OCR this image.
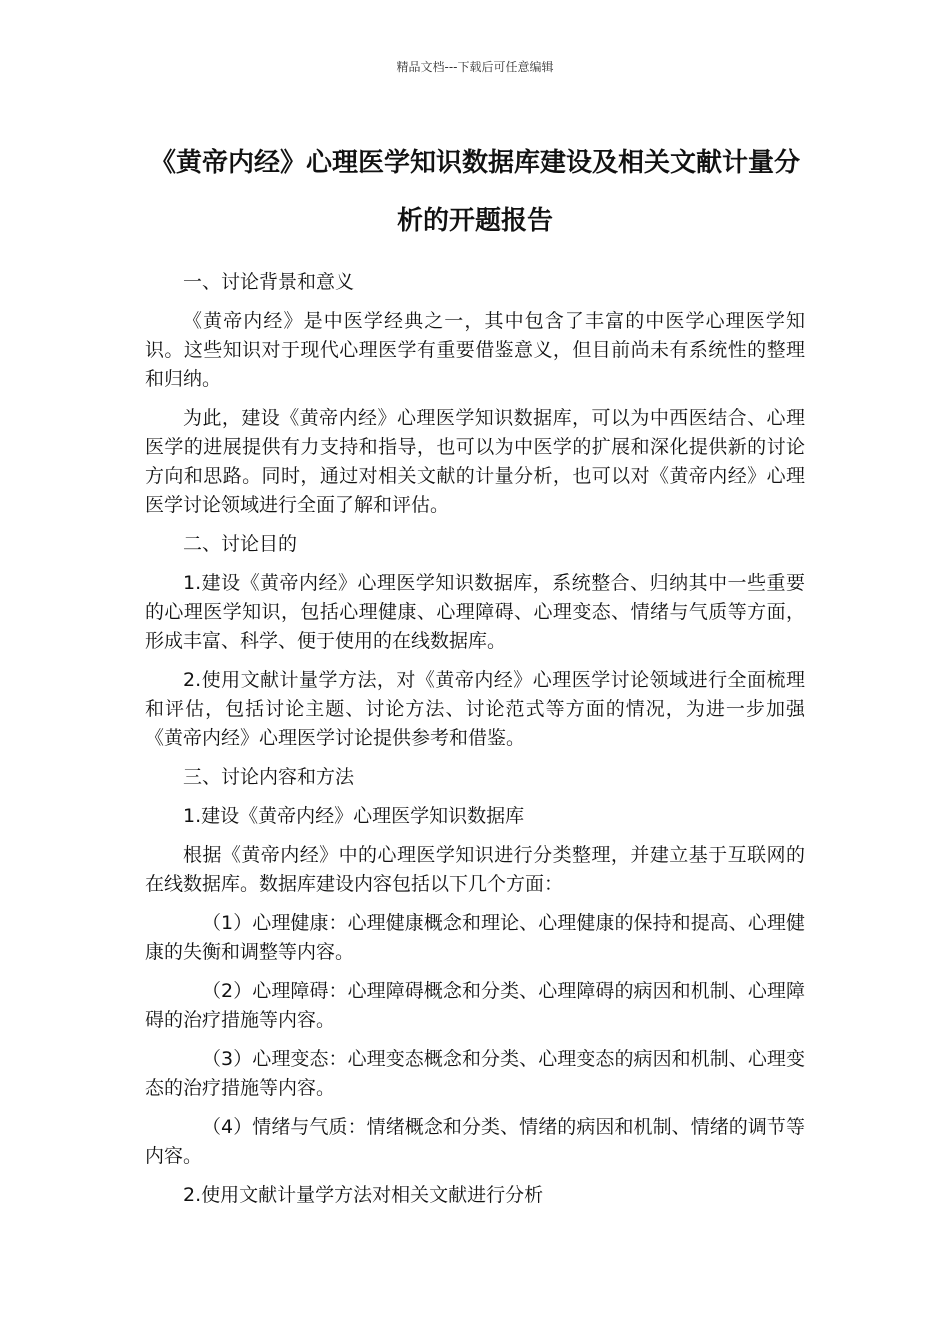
精品文档---下载后可任意编辑
《黄帝内经》心理医学知识数据库建设及相关文献计量分析的开题报告

一、讨论背景和意义

《黄帝内经》是中医学经典之一，其中包含了丰富的中医学心理医学知识。这些知识对于现代心理医学有重要借鉴意义，但目前尚未有系统性的整理和归纳。

为此，建设《黄帝内经》心理医学知识数据库，可以为中西医结合、心理医学的进展提供有力支持和指导，也可以为中医学的扩展和深化提供新的讨论方向和思路。同时，通过对相关文献的计量分析，也可以对《黄帝内经》心理医学讨论领域进行全面了解和评估。

二、讨论目的

1.建设《黄帝内经》心理医学知识数据库，系统整合、归纳其中一些重要的心理医学知识，包括心理健康、心理障碍、心理变态、情绪与气质等方面，形成丰富、科学、便于使用的在线数据库。

2.使用文献计量学方法，对《黄帝内经》心理医学讨论领域进行全面梳理和评估，包括讨论主题、讨论方法、讨论范式等方面的情况，为进一步加强《黄帝内经》心理医学讨论提供参考和借鉴。

三、讨论内容和方法

1.建设《黄帝内经》心理医学知识数据库

根据《黄帝内经》中的心理医学知识进行分类整理，并建立基于互联网的在线数据库。数据库建设内容包括以下几个方面：

（1）心理健康：心理健康概念和理论、心理健康的保持和提高、心理健康的失衡和调整等内容。

（2）心理障碍：心理障碍概念和分类、心理障碍的病因和机制、心理障碍的治疗措施等内容。

（3）心理变态：心理变态概念和分类、心理变态的病因和机制、心理变态的治疗措施等内容。

（4）情绪与气质：情绪概念和分类、情绪的病因和机制、情绪的调节等内容。

2.使用文献计量学方法对相关文献进行分析
